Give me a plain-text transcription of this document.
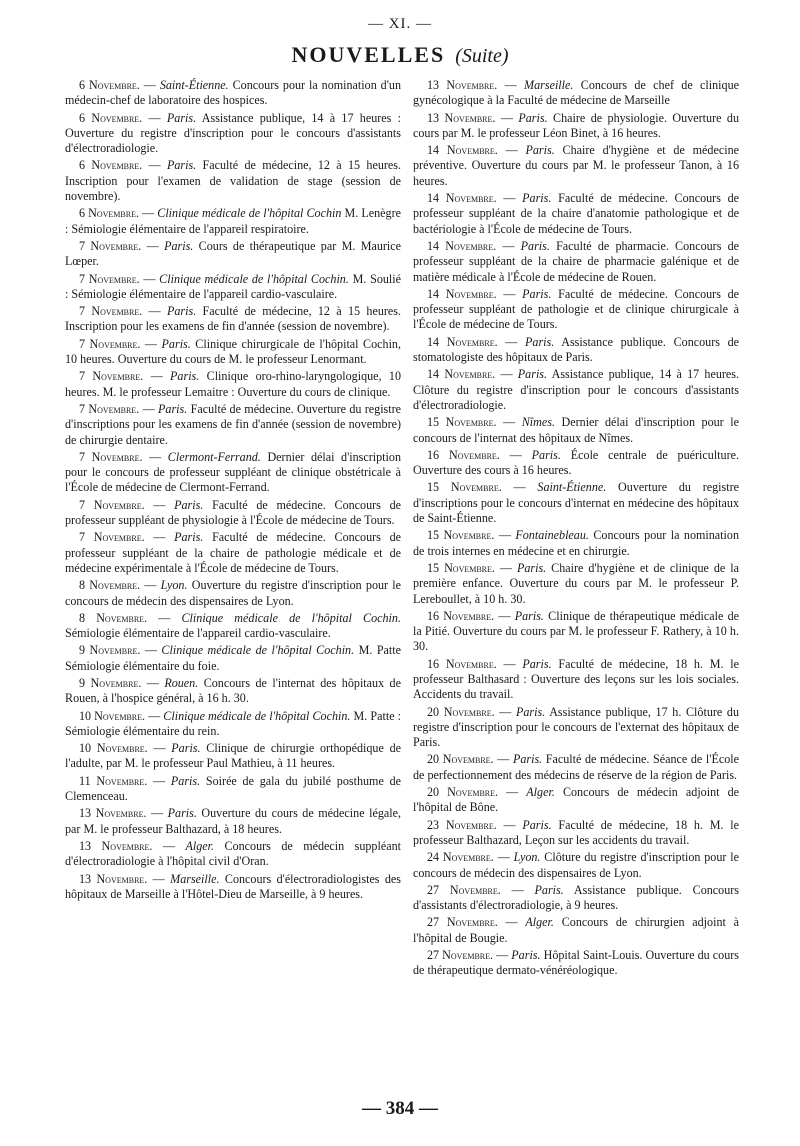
— XI. —
NOUVELLES (Suite)

6 Novembre. — Saint-Étienne. Concours pour la nomination d'un médecin-chef de laboratoire des hospices.

6 Novembre. — Paris. Assistance publique, 14 à 17 heures : Ouverture du registre d'inscription pour le concours d'assistants d'électroradiologie.

6 Novembre. — Paris. Faculté de médecine, 12 à 15 heures. Inscription pour l'examen de validation de stage (session de novembre).

6 Novembre. — Clinique médicale de l'hôpital Cochin M. Lenègre : Sémiologie élémentaire de l'appareil respiratoire.

7 Novembre. — Paris. Cours de thérapeutique par M. Maurice Lœper.

7 Novembre. — Clinique médicale de l'hôpital Cochin. M. Soulié : Sémiologie élémentaire de l'appareil cardio-vasculaire.

7 Novembre. — Paris. Faculté de médecine, 12 à 15 heures. Inscription pour les examens de fin d'année (session de novembre).

7 Novembre. — Paris. Clinique chirurgicale de l'hôpital Cochin, 10 heures. Ouverture du cours de M. le professeur Lenormant.

7 Novembre. — Paris. Clinique oro-rhino-laryngologique, 10 heures. M. le professeur Lemaitre : Ouverture du cours de clinique.

7 Novembre. — Paris. Faculté de médecine. Ouverture du registre d'inscriptions pour les examens de fin d'année (session de novembre) de chirurgie dentaire.

7 Novembre. — Clermont-Ferrand. Dernier délai d'inscription pour le concours de professeur suppléant de clinique obstétricale à l'École de médecine de Clermont-Ferrand.

7 Novembre. — Paris. Faculté de médecine. Concours de professeur suppléant de physiologie à l'École de médecine de Tours.

7 Novembre. — Paris. Faculté de médecine. Concours de professeur suppléant de la chaire de pathologie médicale et de médecine expérimentale à l'École de médecine de Tours.

8 Novembre. — Lyon. Ouverture du registre d'inscription pour le concours de médecin des dispensaires de Lyon.

8 Novembre. — Clinique médicale de l'hôpital Cochin. Sémiologie élémentaire de l'appareil cardio-vasculaire.

9 Novembre. — Clinique médicale de l'hôpital Cochin. M. Patte Sémiologie élémentaire du foie.

9 Novembre. — Rouen. Concours de l'internat des hôpitaux de Rouen, à l'hospice général, à 16 h. 30.

10 Novembre. — Clinique médicale de l'hôpital Cochin. M. Patte : Sémiologie élémentaire du rein.

10 Novembre. — Paris. Clinique de chirurgie orthopédique de l'adulte, par M. le professeur Paul Mathieu, à 11 heures.

11 Novembre. — Paris. Soirée de gala du jubilé posthume de Clemenceau.

13 Novembre. — Paris. Ouverture du cours de médecine légale, par M. le professeur Balthazard, à 18 heures.

13 Novembre. — Alger. Concours de médecin suppléant d'électroradiologie à l'hôpital civil d'Oran.

13 Novembre. — Marseille. Concours d'électroradiologistes des hôpitaux de Marseille à l'Hôtel-Dieu de Marseille, à 9 heures.

13 Novembre. — Marseille. Concours de chef de clinique gynécologique à la Faculté de médecine de Marseille

13 Novembre. — Paris. Chaire de physiologie. Ouverture du cours par M. le professeur Léon Binet, à 16 heures.

14 Novembre. — Paris. Chaire d'hygiène et de médecine préventive. Ouverture du cours par M. le professeur Tanon, à 16 heures.

14 Novembre. — Paris. Faculté de médecine. Concours de professeur suppléant de la chaire d'anatomie pathologique et de bactériologie à l'École de médecine de Tours.

14 Novembre. — Paris. Faculté de pharmacie. Concours de professeur suppléant de la chaire de pharmacie galénique et de matière médicale à l'École de médecine de Rouen.

14 Novembre. — Paris. Faculté de médecine. Concours de professeur suppléant de pathologie et de clinique chirurgicale à l'École de médecine de Tours.

14 Novembre. — Paris. Assistance publique. Concours de stomatologiste des hôpitaux de Paris.

14 Novembre. — Paris. Assistance publique, 14 à 17 heures. Clôture du registre d'inscription pour le concours d'assistants d'électroradiologie.

15 Novembre. — Nîmes. Dernier délai d'inscription pour le concours de l'internat des hôpitaux de Nîmes.

16 Novembre. — Paris. École centrale de puériculture. Ouverture des cours à 16 heures.

15 Novembre. — Saint-Étienne. Ouverture du registre d'inscriptions pour le concours d'internat en médecine des hôpitaux de Saint-Étienne.

15 Novembre. — Fontainebleau. Concours pour la nomination de trois internes en médecine et en chirurgie.

15 Novembre. — Paris. Chaire d'hygiène et de clinique de la première enfance. Ouverture du cours par M. le professeur P. Lereboullet, à 10 h. 30.

16 Novembre. — Paris. Clinique de thérapeutique médicale de la Pitié. Ouverture du cours par M. le professeur F. Rathery, à 10 h. 30.

16 Novembre. — Paris. Faculté de médecine, 18 h. M. le professeur Balthasard : Ouverture des leçons sur les lois sociales. Accidents du travail.

20 Novembre. — Paris. Assistance publique, 17 h. Clôture du registre d'inscription pour le concours de l'externat des hôpitaux de Paris.

20 Novembre. — Paris. Faculté de médecine. Séance de l'École de perfectionnement des médecins de réserve de la région de Paris.

20 Novembre. — Alger. Concours de médecin adjoint de l'hôpital de Bône.

23 Novembre. — Paris. Faculté de médecine, 18 h. M. le professeur Balthazard, Leçon sur les accidents du travail.

24 Novembre. — Lyon. Clôture du registre d'inscription pour le concours de médecin des dispensaires de Lyon.

27 Novembre. — Paris. Assistance publique. Concours d'assistants d'électroradiologie, à 9 heures.

27 Novembre. — Alger. Concours de chirurgien adjoint à l'hôpital de Bougie.

27 Novembre. — Paris. Hôpital Saint-Louis. Ouverture du cours de thérapeutique dermato-vénéréologique.

— 384 —
